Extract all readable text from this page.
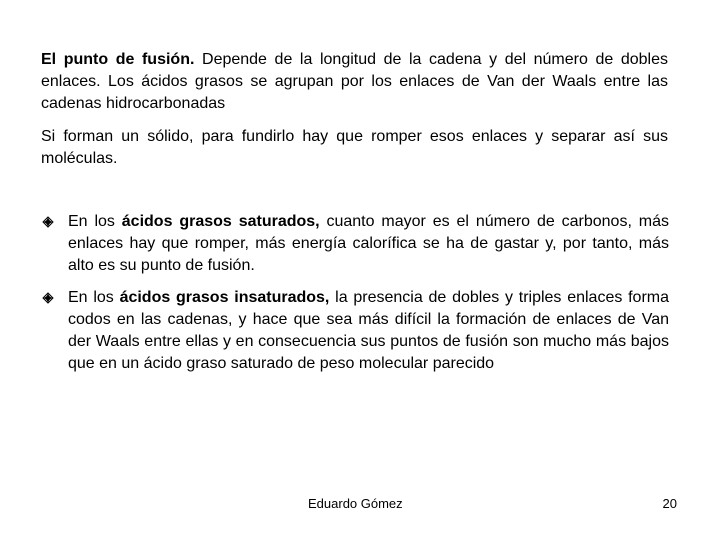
El punto de fusión. Depende de la longitud de la cadena y del número de dobles enlaces. Los ácidos grasos se agrupan por los enlaces de Van der Waals entre las cadenas hidrocarbonadas

Si forman un sólido, para fundirlo hay que romper esos enlaces y separar así sus moléculas.

En los ácidos grasos saturados, cuanto mayor es el número de carbonos, más enlaces hay que romper, más energía calorífica se ha de gastar y, por tanto, más alto es su punto de fusión.

En los ácidos grasos insaturados, la presencia de dobles y triples enlaces forma codos en las cadenas, y hace que sea más difícil la formación de enlaces de Van der Waals entre ellas y en consecuencia sus puntos de fusión son mucho más bajos que en un ácido graso saturado de peso molecular parecido

Eduardo Gómez	20
